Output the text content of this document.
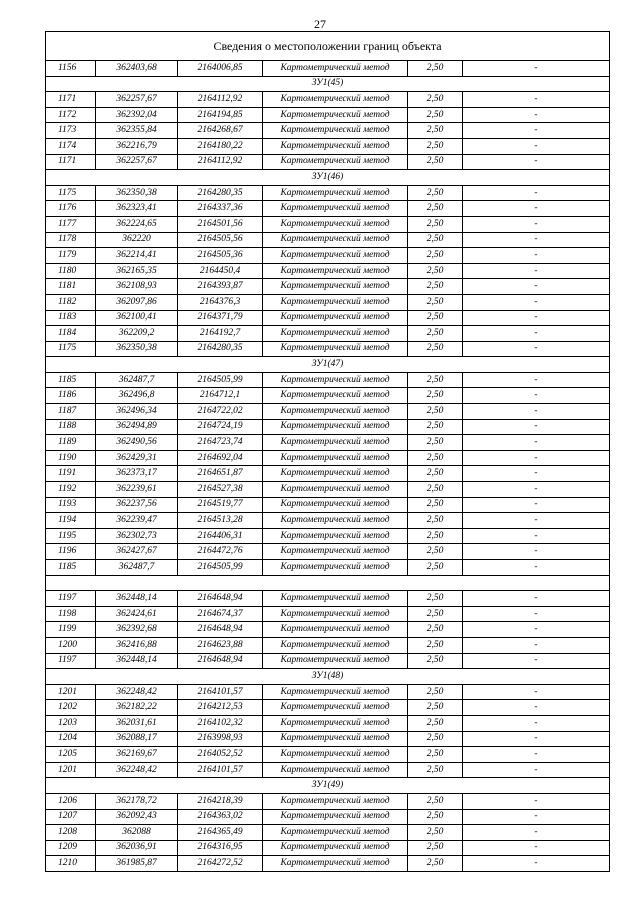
27
Сведения о местоположении границ объекта					
1156	362403,68	2164006,85	Картометрический метод	2,50	-
ЗУ1(45)					
1171	362257,67	2164112,92	Картометрический метод	2,50	-
1172	362392,04	2164194,85	Картометрический метод	2,50	-
1173	362355,84	2164268,67	Картометрический метод	2,50	-
1174	362216,79	2164180,22	Картометрический метод	2,50	-
1171	362257,67	2164112,92	Картометрический метод	2,50	-
ЗУ1(46)					
1175	362350,38	2164280,35	Картометрический метод	2,50	-
1176	362323,41	2164337,36	Картометрический метод	2,50	-
1177	362224,65	2164501,56	Картометрический метод	2,50	-
1178	362220	2164505,56	Картометрический метод	2,50	-
1179	362214,41	2164505,36	Картометрический метод	2,50	-
1180	362165,35	2164450,4	Картометрический метод	2,50	-
1181	362108,93	2164393,87	Картометрический метод	2,50	-
1182	362097,86	2164376,3	Картометрический метод	2,50	-
1183	362100,41	2164371,79	Картометрический метод	2,50	-
1184	362209,2	2164192,7	Картометрический метод	2,50	-
1175	362350,38	2164280,35	Картометрический метод	2,50	-
ЗУ1(47)					
1185	362487,7	2164505,99	Картометрический метод	2,50	-
1186	362496,8	2164712,1	Картометрический метод	2,50	-
1187	362496,34	2164722,02	Картометрический метод	2,50	-
1188	362494,89	2164724,19	Картометрический метод	2,50	-
1189	362490,56	2164723,74	Картометрический метод	2,50	-
1190	362429,31	2164692,04	Картометрический метод	2,50	-
1191	362373,17	2164651,87	Картометрический метод	2,50	-
1192	362239,61	2164527,38	Картометрический метод	2,50	-
1193	362237,56	2164519,77	Картометрический метод	2,50	-
1194	362239,47	2164513,28	Картометрический метод	2,50	-
1195	362302,73	2164406,31	Картометрический метод	2,50	-
1196	362427,67	2164472,76	Картометрический метод	2,50	-
1185	362487,7	2164505,99	Картометрический метод	2,50	-

1197	362448,14	2164648,94	Картометрический метод	2,50	-
1198	362424,61	2164674,37	Картометрический метод	2,50	-
1199	362392,68	2164648,94	Картометрический метод	2,50	-
1200	362416,88	2164623,88	Картометрический метод	2,50	-
1197	362448,14	2164648,94	Картометрический метод	2,50	-
ЗУ1(48)					
1201	362248,42	2164101,57	Картометрический метод	2,50	-
1202	362182,22	2164212,53	Картометрический метод	2,50	-
1203	362031,61	2164102,32	Картометрический метод	2,50	-
1204	362088,17	2163998,93	Картометрический метод	2,50	-
1205	362169,67	2164052,52	Картометрический метод	2,50	-
1201	362248,42	2164101,57	Картометрический метод	2,50	-
ЗУ1(49)					
1206	362178,72	2164218,39	Картометрический метод	2,50	-
1207	362092,43	2164363,02	Картометрический метод	2,50	-
1208	362088	2164365,49	Картометрический метод	2,50	-
1209	362036,91	2164316,95	Картометрический метод	2,50	-
1210	361985,87	2164272,52	Картометрический метод	2,50	-
